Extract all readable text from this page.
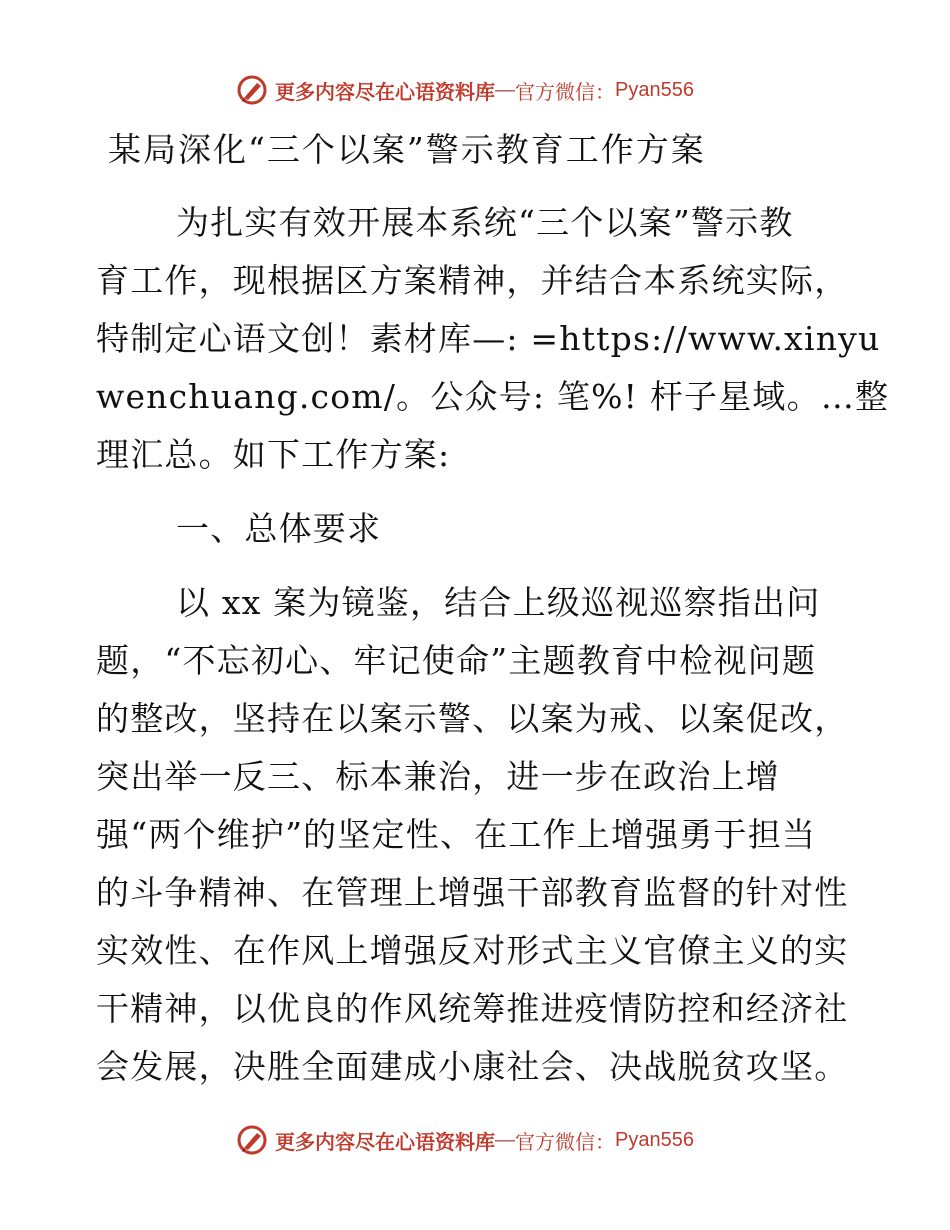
更多内容尽在心语资料库 — 官方微信： Pyan556
某局深化“三个以案”警示教育工作方案
为扎实有效开展本系统“三个以案”警示教
育工作，现根据区方案精神，并结合本系统实际，
特制定心语文创！素材库—: =https://www.xinyu
wenchuang.com/。公众号: 笔%! 杆子星域。…整
理汇总。如下工作方案:
一、总体要求
以 xx 案为镜鉴，结合上级巡视巡察指出问
题，“不忘初心、牢记使命”主题教育中检视问题
的整改，坚持在以案示警、以案为戒、以案促改，
突出举一反三、标本兼治，进一步在政治上增
强“两个维护”的坚定性、在工作上增强勇于担当
的斗争精神、在管理上增强干部教育监督的针对性
实效性、在作风上增强反对形式主义官僚主义的实
干精神，以优良的作风统筹推进疫情防控和经济社
会发展，决胜全面建成小康社会、决战脱贫攻坚。
更多内容尽在心语资料库 — 官方微信： Pyan556
